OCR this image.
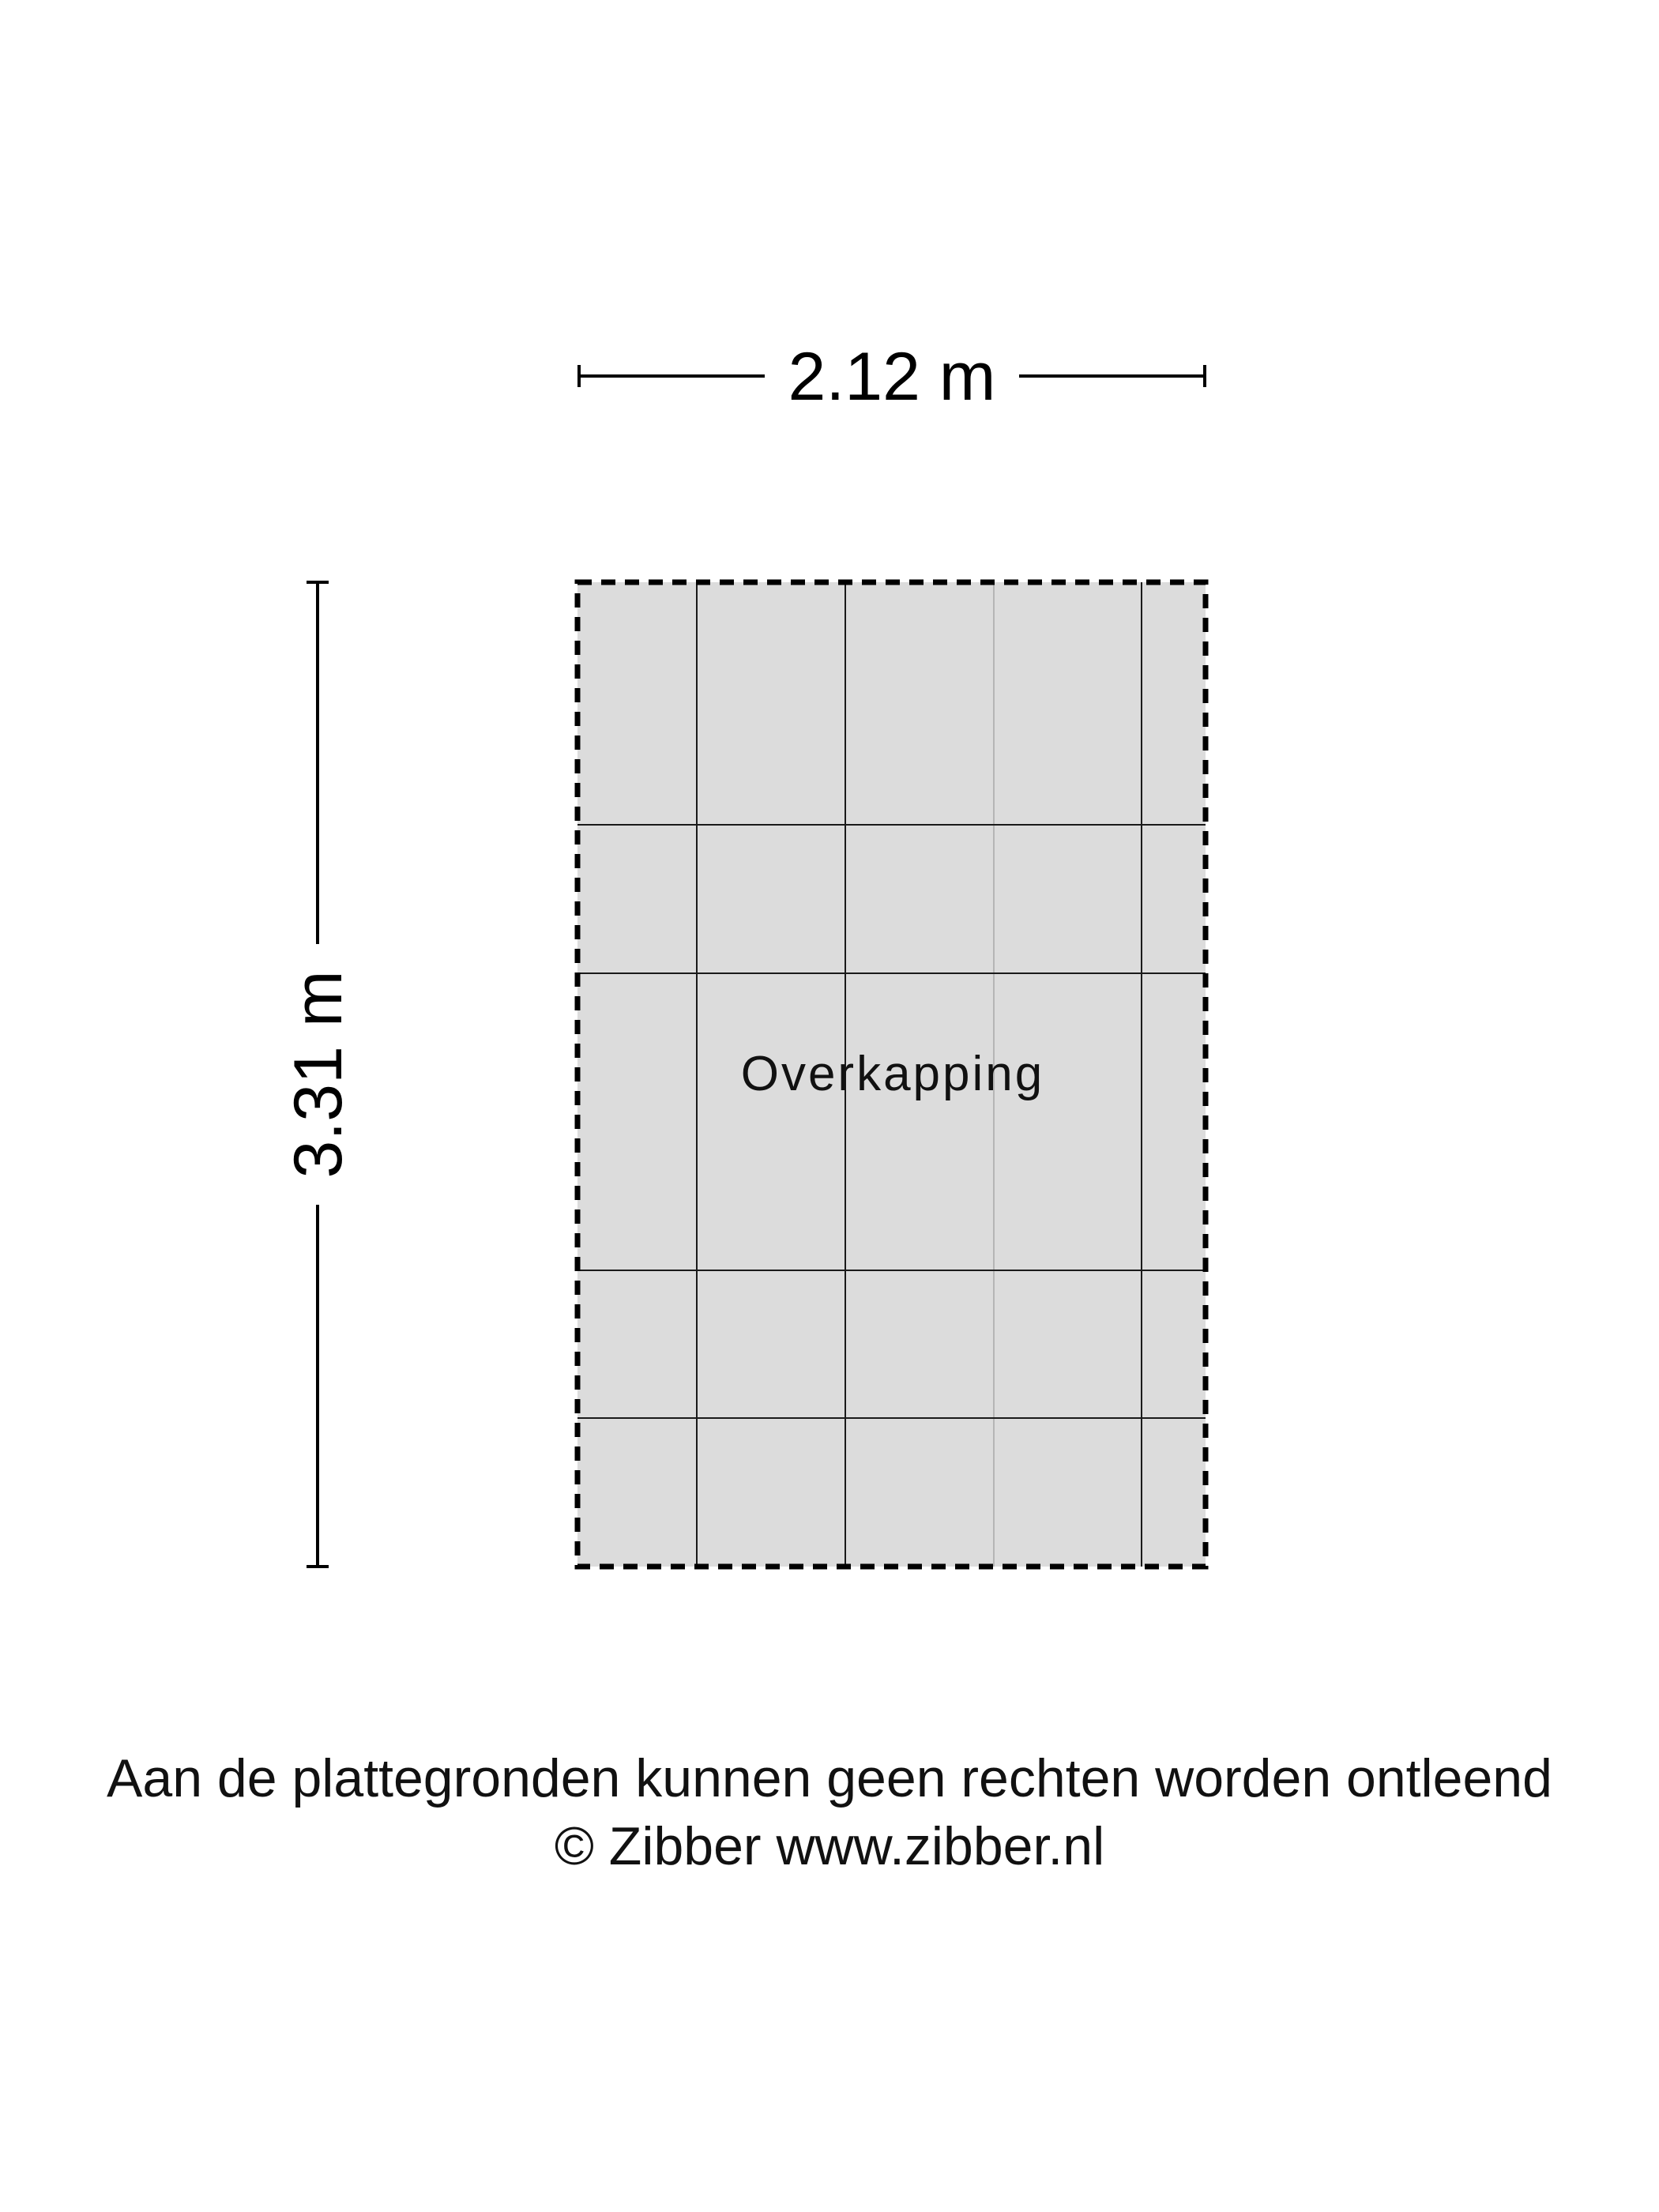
2.12 m
3.31 m	Overkapping
Aan de plattegronden kunnen geen rechten worden ontleend
© Zibber www.zibber.nl
